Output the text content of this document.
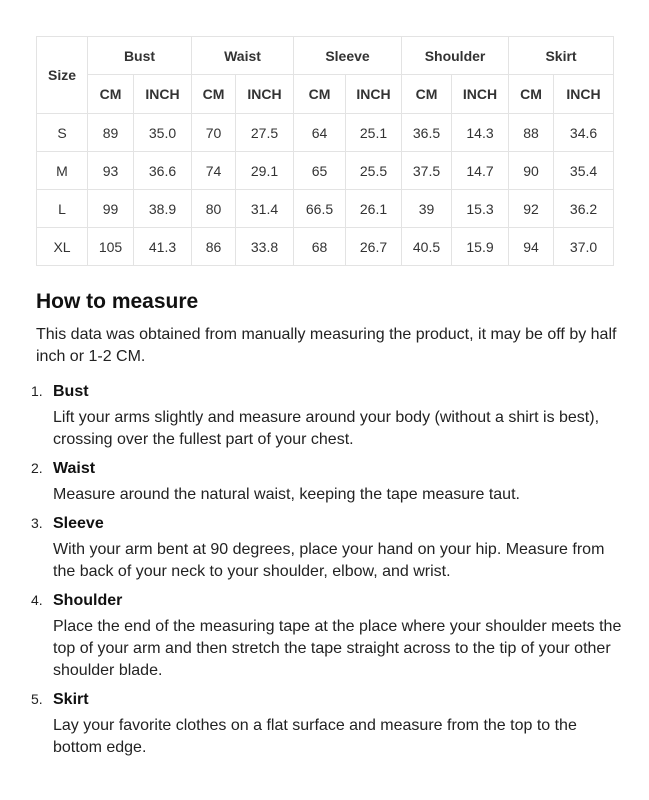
Size	Bust		Waist		Sleeve		Shoulder		Skirt	
	CM	INCH	CM	INCH	CM	INCH	CM	INCH	CM	INCH
S	89	35.0	70	27.5	64	25.1	36.5	14.3	88	34.6
M	93	36.6	74	29.1	65	25.5	37.5	14.7	90	35.4
L	99	38.9	80	31.4	66.5	26.1	39	15.3	92	36.2
XL	105	41.3	86	33.8	68	26.7	40.5	15.9	94	37.0
How to measure

This data was obtained from manually measuring the product, it may be off by half inch or 1-2 CM.

1. Bust
Lift your arms slightly and measure around your body (without a shirt is best), crossing over the fullest part of your chest.
2. Waist
Measure around the natural waist, keeping the tape measure taut.
3. Sleeve
With your arm bent at 90 degrees, place your hand on your hip. Measure from the back of your neck to your shoulder, elbow, and wrist.
4. Shoulder
Place the end of the measuring tape at the place where your shoulder meets the top of your arm and then stretch the tape straight across to the tip of your other shoulder blade.
5. Skirt
Lay your favorite clothes on a flat surface and measure from the top to the bottom edge.
